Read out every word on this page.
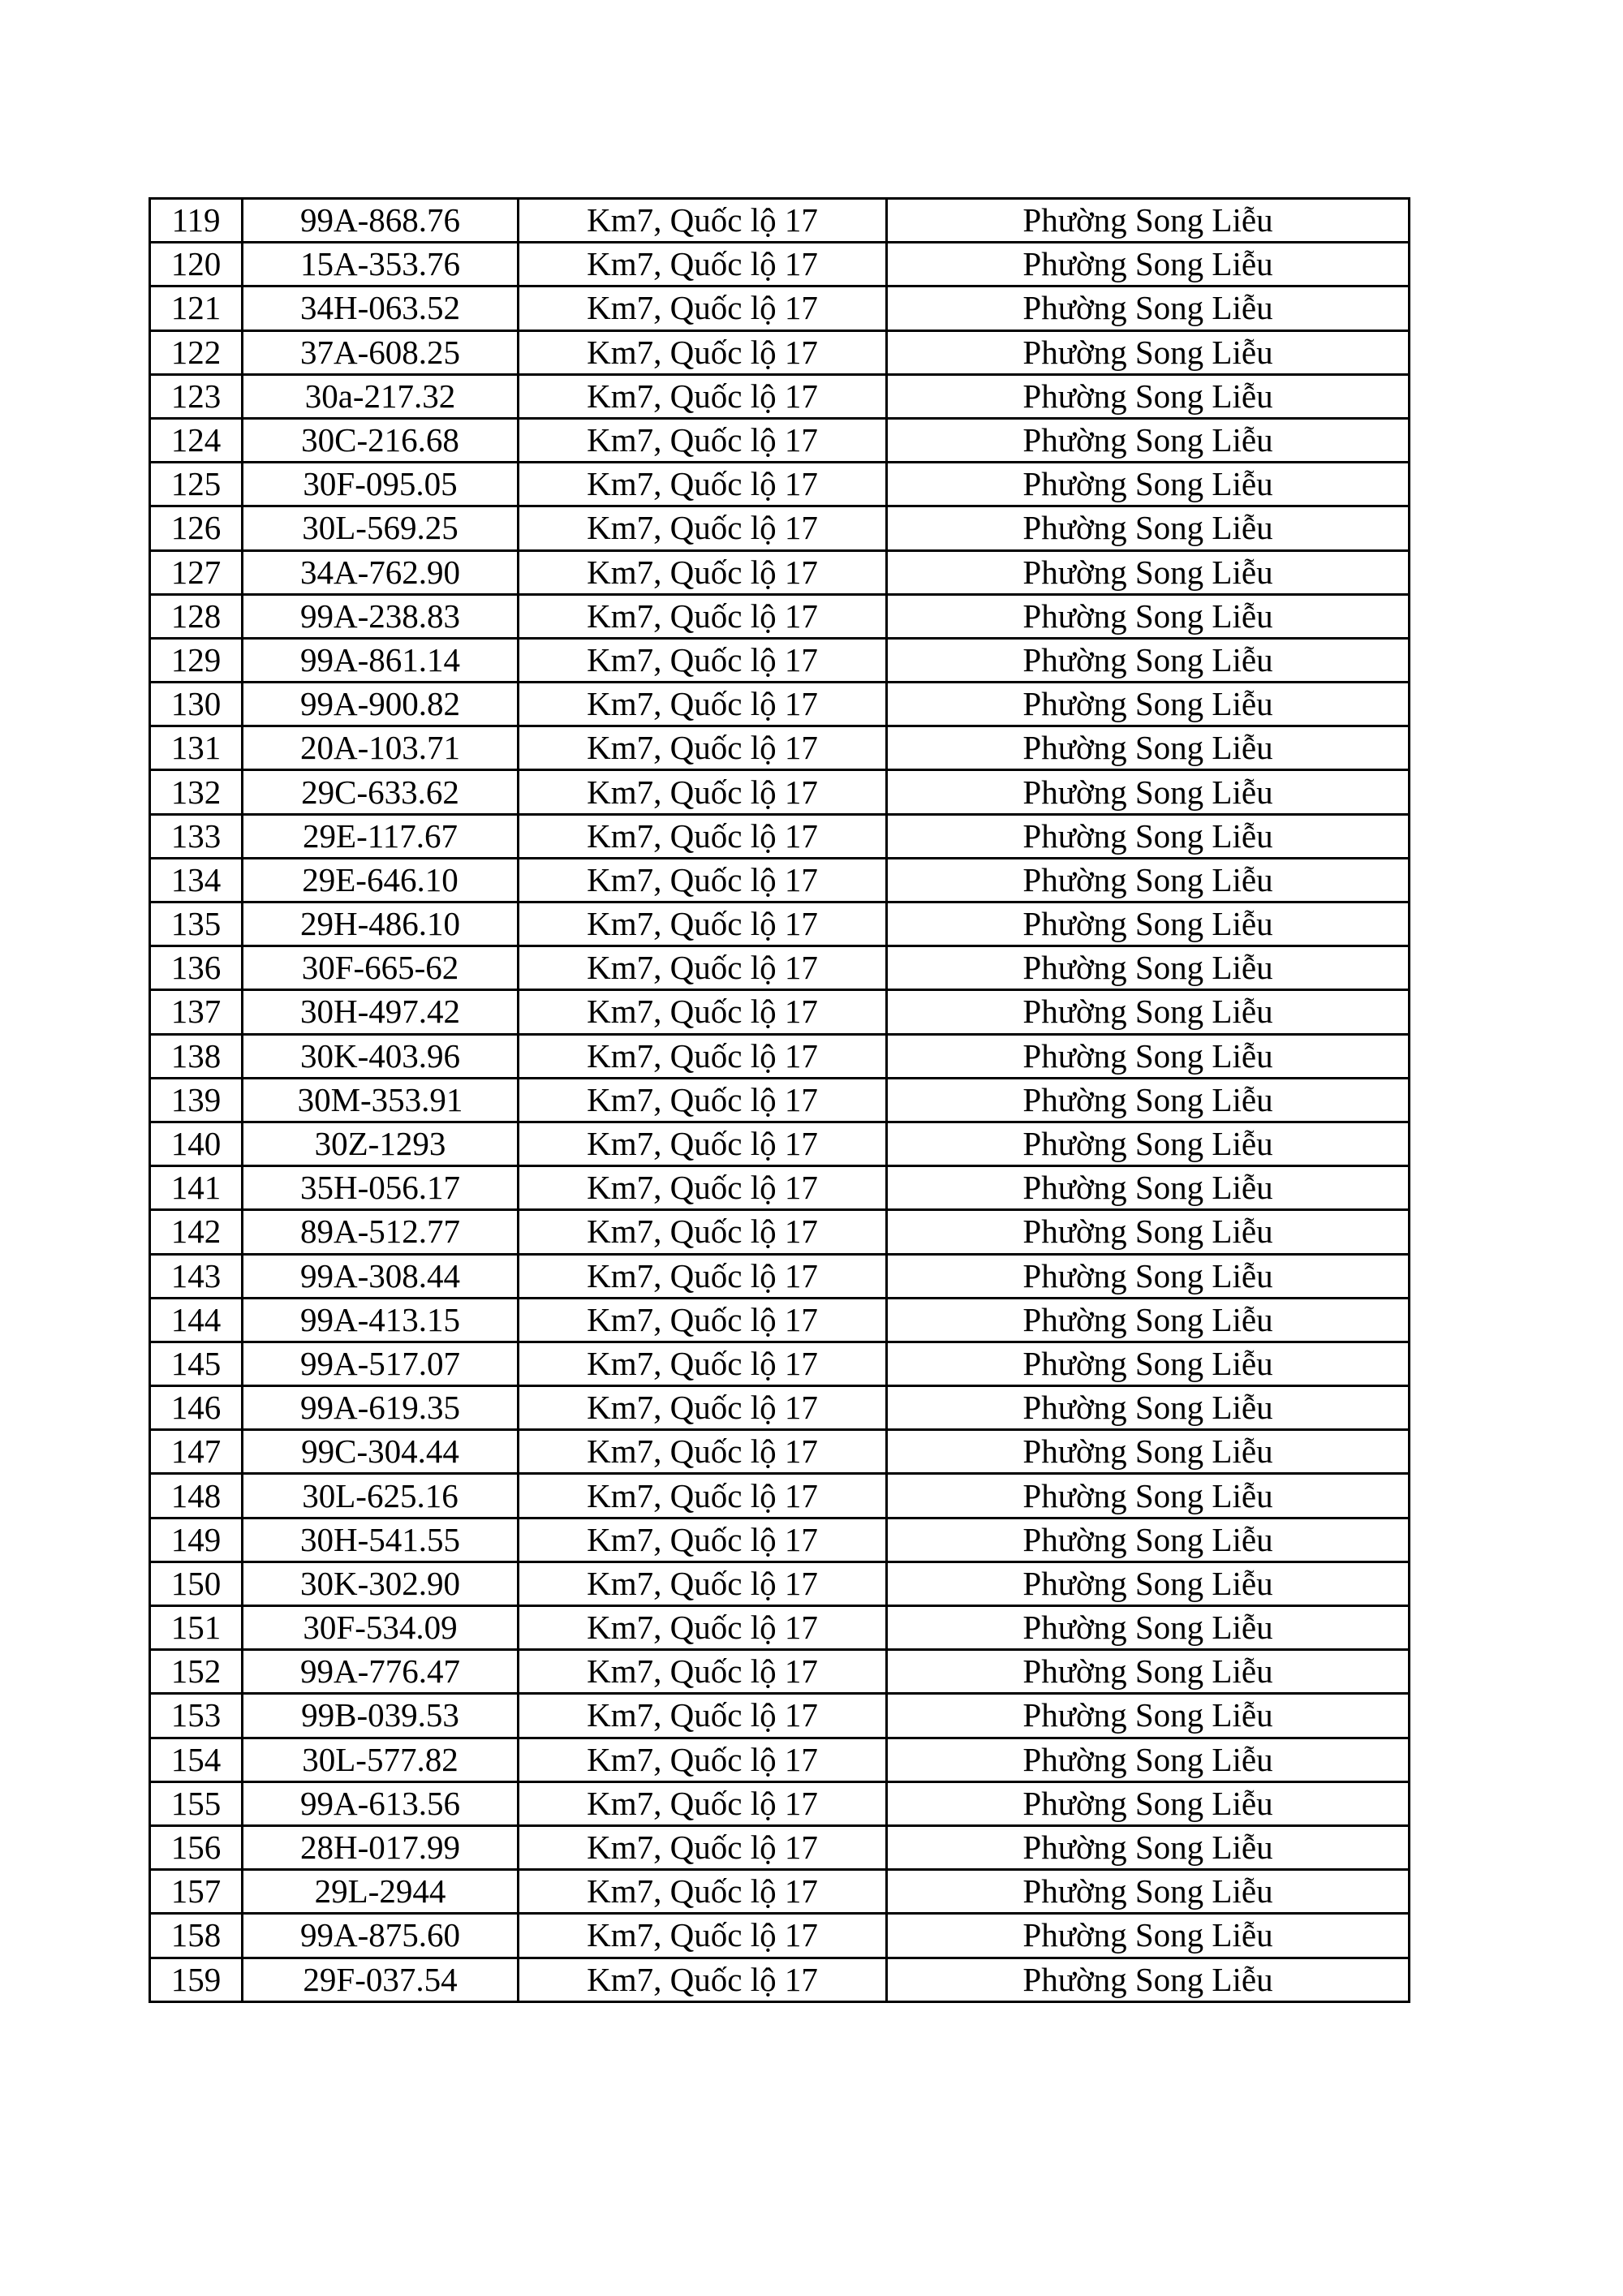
119	99A-868.76	Km7, Quốc lộ 17	Phường Song Liễu
120	15A-353.76	Km7, Quốc lộ 17	Phường Song Liễu
121	34H-063.52	Km7, Quốc lộ 17	Phường Song Liễu
122	37A-608.25	Km7, Quốc lộ 17	Phường Song Liễu
123	30a-217.32	Km7, Quốc lộ 17	Phường Song Liễu
124	30C-216.68	Km7, Quốc lộ 17	Phường Song Liễu
125	30F-095.05	Km7, Quốc lộ 17	Phường Song Liễu
126	30L-569.25	Km7, Quốc lộ 17	Phường Song Liễu
127	34A-762.90	Km7, Quốc lộ 17	Phường Song Liễu
128	99A-238.83	Km7, Quốc lộ 17	Phường Song Liễu
129	99A-861.14	Km7, Quốc lộ 17	Phường Song Liễu
130	99A-900.82	Km7, Quốc lộ 17	Phường Song Liễu
131	20A-103.71	Km7, Quốc lộ 17	Phường Song Liễu
132	29C-633.62	Km7, Quốc lộ 17	Phường Song Liễu
133	29E-117.67	Km7, Quốc lộ 17	Phường Song Liễu
134	29E-646.10	Km7, Quốc lộ 17	Phường Song Liễu
135	29H-486.10	Km7, Quốc lộ 17	Phường Song Liễu
136	30F-665-62	Km7, Quốc lộ 17	Phường Song Liễu
137	30H-497.42	Km7, Quốc lộ 17	Phường Song Liễu
138	30K-403.96	Km7, Quốc lộ 17	Phường Song Liễu
139	30M-353.91	Km7, Quốc lộ 17	Phường Song Liễu
140	30Z-1293	Km7, Quốc lộ 17	Phường Song Liễu
141	35H-056.17	Km7, Quốc lộ 17	Phường Song Liễu
142	89A-512.77	Km7, Quốc lộ 17	Phường Song Liễu
143	99A-308.44	Km7, Quốc lộ 17	Phường Song Liễu
144	99A-413.15	Km7, Quốc lộ 17	Phường Song Liễu
145	99A-517.07	Km7, Quốc lộ 17	Phường Song Liễu
146	99A-619.35	Km7, Quốc lộ 17	Phường Song Liễu
147	99C-304.44	Km7, Quốc lộ 17	Phường Song Liễu
148	30L-625.16	Km7, Quốc lộ 17	Phường Song Liễu
149	30H-541.55	Km7, Quốc lộ 17	Phường Song Liễu
150	30K-302.90	Km7, Quốc lộ 17	Phường Song Liễu
151	30F-534.09	Km7, Quốc lộ 17	Phường Song Liễu
152	99A-776.47	Km7, Quốc lộ 17	Phường Song Liễu
153	99B-039.53	Km7, Quốc lộ 17	Phường Song Liễu
154	30L-577.82	Km7, Quốc lộ 17	Phường Song Liễu
155	99A-613.56	Km7, Quốc lộ 17	Phường Song Liễu
156	28H-017.99	Km7, Quốc lộ 17	Phường Song Liễu
157	29L-2944	Km7, Quốc lộ 17	Phường Song Liễu
158	99A-875.60	Km7, Quốc lộ 17	Phường Song Liễu
159	29F-037.54	Km7, Quốc lộ 17	Phường Song Liễu
